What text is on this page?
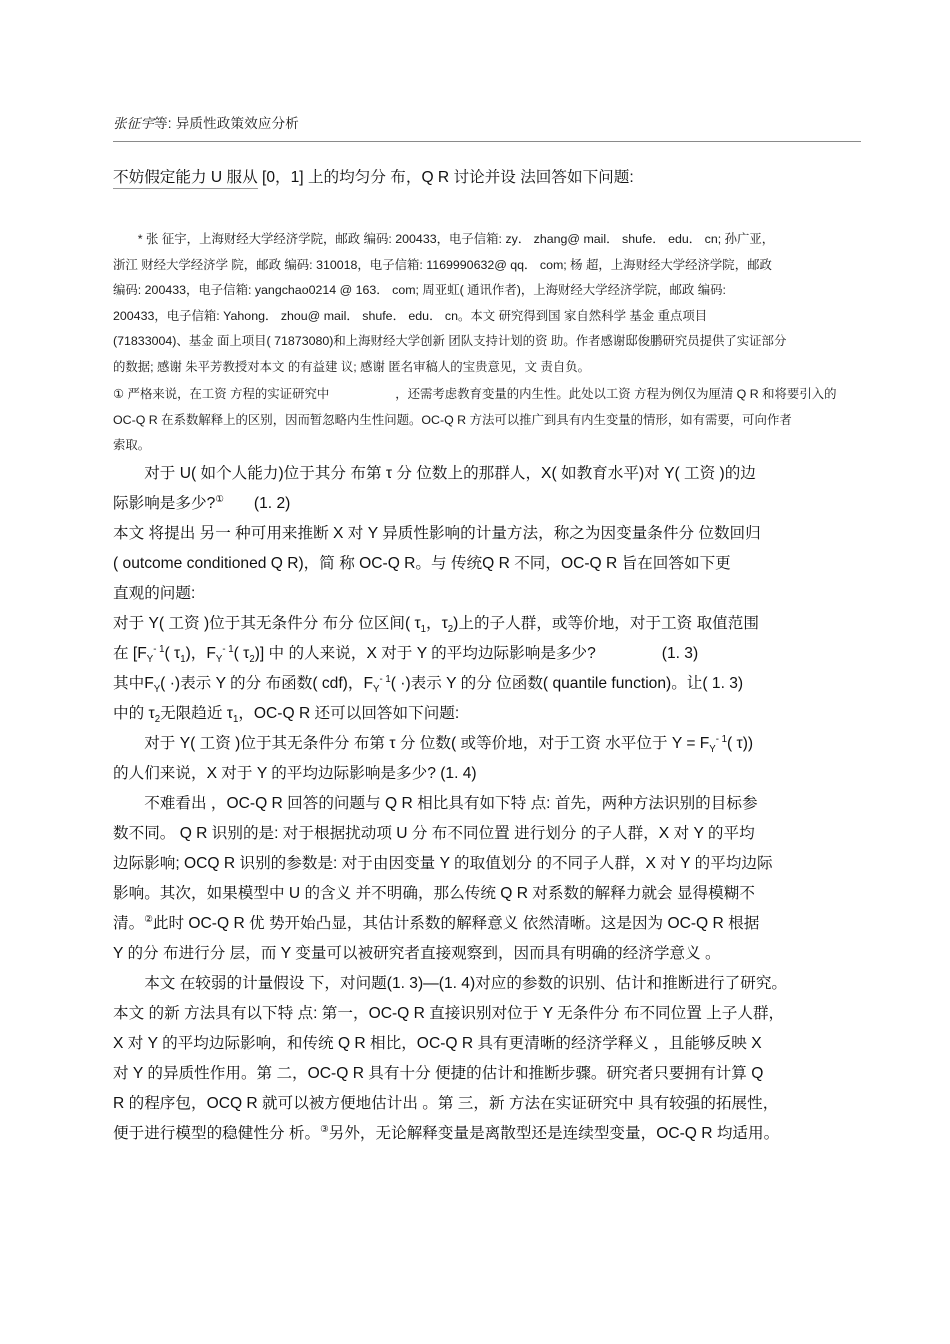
张征宇等: 异质性政策效应分析

不妨假定能力 U 服从 [0，1] 上的均匀分 布，Q R 讨论并设 法回答如下问题:

* 张 征宇，上海财经大学经济学院，邮政 编码: 200433，电子信箱: zy． zhang@ mail． shufe． edu． cn; 孙广亚，
浙江 财经大学经济学 院，邮政 编码: 310018，电子信箱: 1169990632@ qq． com; 杨 超，上海财经大学经济学院，邮政
编码: 200433，电子信箱: yangchao0214 @ 163． com; 周亚虹( 通讯作者)，上海财经大学经济学院，邮政 编码:
200433，电子信箱: Yahong． zhou@ mail． shufe． edu． cn。本文 研究得到国 家自然科学 基金 重点项目
(71833004)、基金 面上项目( 71873080)和上海财经大学创新 团队支持计划的资 助。作者感谢邸俊鹏研究员提供了实证部分
的数据; 感谢 朱平芳教授对本文 的有益建 议; 感谢 匿名审稿人的宝贵意见，文 责自负。
① 严格来说，在工资 方程的实证研究中	，还需考虑教育变量的内生性。此处以工资 方程为例仅为厘清 Q R 和将要引入的
OC-Q R 在系数解释上的区别，因而暂忽略内生性问题。OC-Q R 方法可以推广到具有内生变量的情形，如有需要，可向作者
索取。
对于 U( 如个人能力)位于其分 布第 τ 分 位数上的那群人，X( 如教育水平)对 Y( 工资 )的边
际影响是多少?① (1. 2)
本文 将提出 另一 种可用来推断 X 对 Y 异质性影响的计量方法，称之为因变量条件分 位数回归
( outcome conditioned Q R)，简 称 OC-Q R。与 传统Q R 不同，OC-Q R 旨在回答如下更
直观的问题:
对于 Y( 工资 )位于其无条件分 布分 位区间( $\tau_1$，$\tau_2$)上的子人群，或等价地，对于工资 取值范围
在 [$F_Y^{- 1}$( $\tau_1$)，$F_Y^{- 1}$( $\tau_2$)] 中 的人来说，X 对于 Y 的平均边际影响是多少?	(1. 3)
其中$F_Y$( ·)表示 Y 的分 布函数( cdf)，$F_Y^{- 1}$( ·)表示 Y 的分 位函数( quantile function)。让( 1. 3)
中的 $\tau_2$无限趋近 $\tau_1$，OC-Q R 还可以回答如下问题:
对于 Y( 工资 )位于其无条件分 布第 τ 分 位数( 或等价地，对于工资 水平位于 $Y = F_Y^{- 1}$( τ))
的人们来说，X 对于 Y 的平均边际影响是多少? (1. 4)
不难看出 ，OC-Q R 回答的问题与 Q R 相比具有如下特 点: 首先，两种方法识别的目标参
数不同。 Q R 识别的是: 对于根据扰动项 U 分 布不同位置 进行划分 的子人群，X 对 Y 的平均
边际影响; OCQ R 识别的参数是: 对于由因变量 Y 的取值划分 的不同子人群，X 对 Y 的平均边际
影响。其次，如果模型中 U 的含义 并不明确，那么传统 Q R 对系数的解释力就会 显得模糊不
清。②此时 OC-Q R 优 势开始凸显，其估计系数的解释意义 依然清晰。这是因为 OC-Q R 根据
Y 的分 布进行分 层，而 Y 变量可以被研究者直接观察到，因而具有明确的经济学意义 。
本文 在较弱的计量假设 下，对问题(1. 3)—(1. 4)对应的参数的识别、估计和推断进行了研究。
本文 的新 方法具有以下特 点: 第一，OC-Q R 直接识别对位于 Y 无条件分 布不同位置 上子人群，
X 对 Y 的平均边际影响，和传统 Q R 相比，OC-Q R 具有更清晰的经济学释义 ，且能够反映 X
对 Y 的异质性作用。第 二，OC-Q R 具有十分 便捷的估计和推断步骤。研究者只要拥有计算 Q
R 的程序包，OCQ R 就可以被方便地估计出 。第 三，新 方法在实证研究中 具有较强的拓展性，
便于进行模型的稳健性分 析。③另外，无论解释变量是离散型还是连续型变量，OC-Q R 均适用。
